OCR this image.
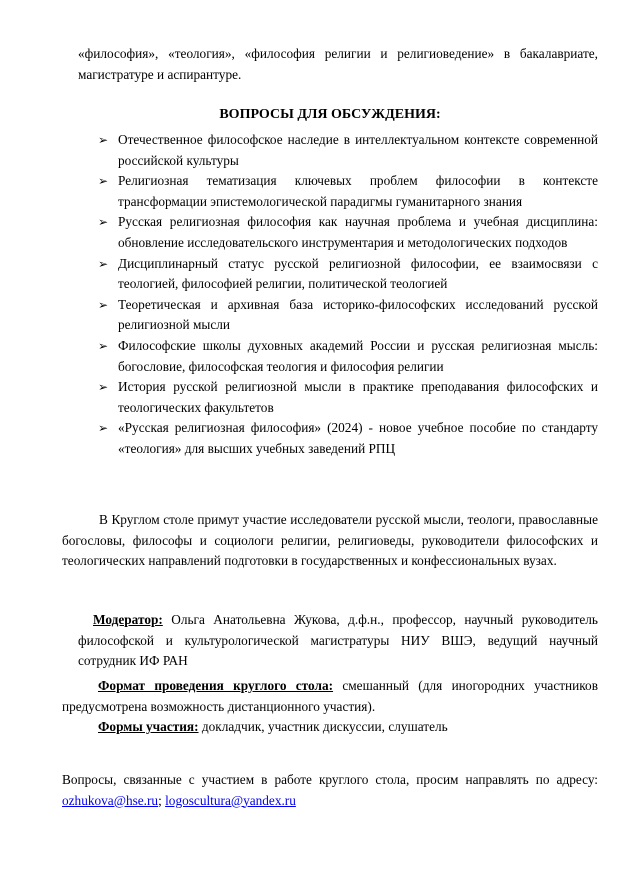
«философия», «теология», «философия религии и религиоведение» в бакалавриате, магистратуре и аспирантуре.
ВОПРОСЫ ДЛЯ ОБСУЖДЕНИЯ:
➢ Отечественное философское наследие в интеллектуальном контексте современной российской культуры
➢ Религиозная тематизация ключевых проблем философии в контексте трансформации эпистемологической парадигмы гуманитарного знания
➢ Русская религиозная философия как научная проблема и учебная дисциплина: обновление исследовательского инструментария и методологических подходов
➢ Дисциплинарный статус русской религиозной философии, ее взаимосвязи с теологией, философией религии, политической теологией
➢ Теоретическая и архивная база историко-философских исследований русской религиозной мысли
➢ Философские школы духовных академий России и русская религиозная мысль: богословие, философская теология и философия религии
➢ История русской религиозной мысли в практике преподавания философских и теологических факультетов
➢ «Русская религиозная философия» (2024) - новое учебное пособие по стандарту «теология» для высших учебных заведений РПЦ
В Круглом столе примут участие исследователи русской мысли, теологи, православные богословы, философы и социологи религии, религиоведы, руководители философских и теологических направлений подготовки в государственных и конфессиональных вузах.
Модератор: Ольга Анатольевна Жукова, д.ф.н., профессор, научный руководитель философской и культурологической магистратуры НИУ ВШЭ, ведущий научный сотрудник ИФ РАН
Формат проведения круглого стола: смешанный (для иногородних участников предусмотрена возможность дистанционного участия).
Формы участия: докладчик, участник дискуссии, слушатель
Вопросы, связанные с участием в работе круглого стола, просим направлять по адресу: ozhukova@hse.ru; logoscultura@yandex.ru
